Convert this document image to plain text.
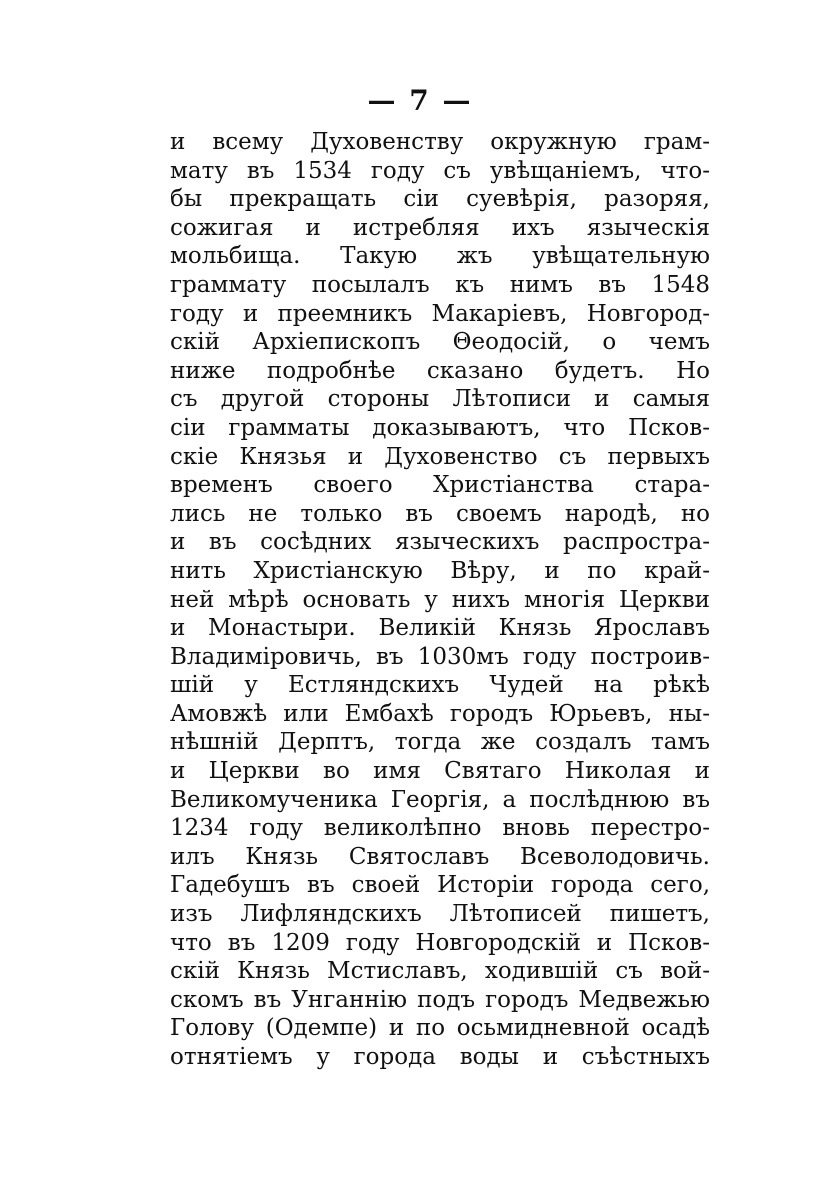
— 7 —
и всему Духовенству окружную грам-
мату въ 1534 году съ увѣщаніемъ, что-
бы прекращать сіи суевѣрія, разоряя,
сожигая и истребляя ихъ языческія
мольбища. Такую жъ увѣщательную
граммату посылалъ къ нимъ въ 1548
году и преемникъ Макаріевъ, Новгород-
скій Архіепископъ Θеодосій, о чемъ
ниже подробнѣе сказано будетъ. Но
съ другой стороны Лѣтописи и самыя
сіи грамматы доказываютъ, что Псков-
скіе Князья и Духовенство съ первыхъ
временъ своего Христіанства стара-
лись не только въ своемъ народѣ, но
и въ сосѣдних языческихъ распростра-
нить Христіанскую Вѣру, и по край-
ней мѣрѣ основать у нихъ многія Церкви
и Монастыри. Великій Князь Ярославъ
Владиміровичь, въ 1030мъ году построив-
шій у Естляндскихъ Чудей на рѣкѣ
Амовжѣ или Ембахѣ городъ Юрьевъ, ны-
нѣшній Дерптъ, тогда же создалъ тамъ
и Церкви во имя Святаго Николая и
Великомученика Георгія, а послѣднюю въ
1234 году великолѣпно вновь перестро-
илъ Князь Святославъ Всеволодовичь.
Гадебушъ въ своей Исторіи города сего,
изъ Лифляндскихъ Лѣтописей пишетъ,
что въ 1209 году Новгородскій и Псков-
скій Князь Мстиславъ, ходившій съ вой-
скомъ въ Унганнію подъ городъ Медвежью
Голову (Одемпе) и по осьмидневной осадѣ
отнятіемъ у города воды и съѣстныхъ
